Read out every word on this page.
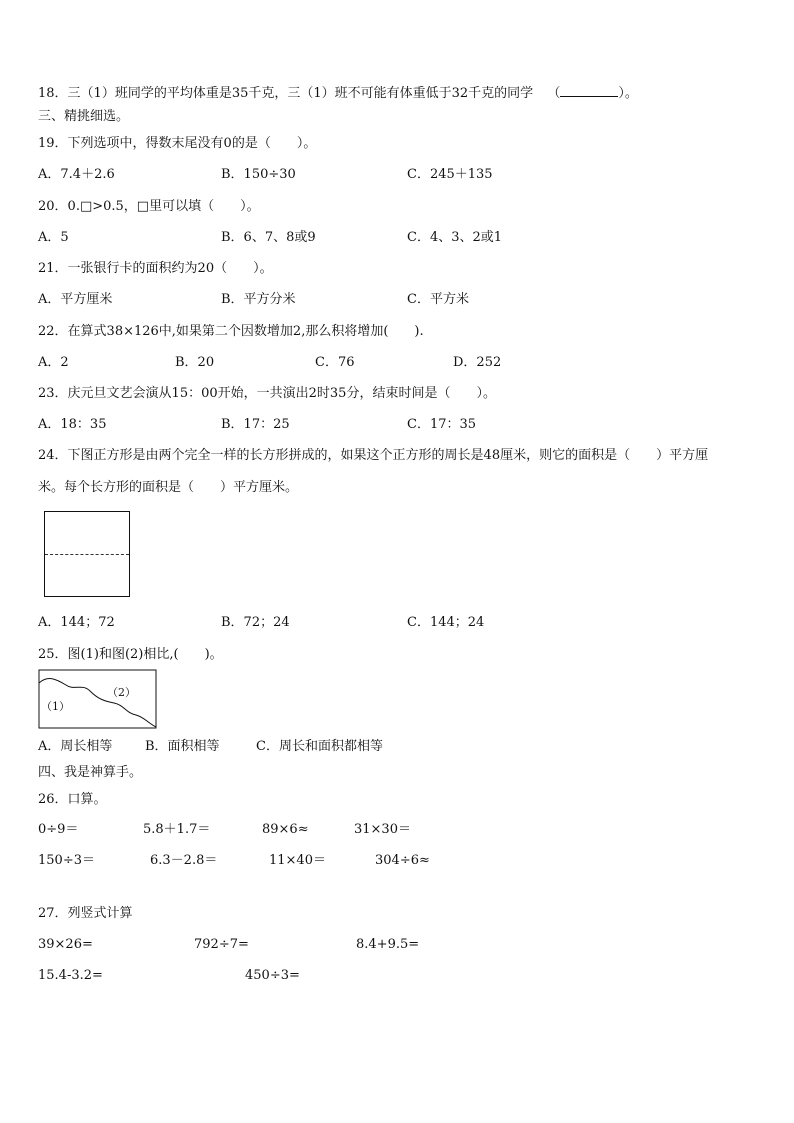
18．三（1）班同学的平均体重是35千克，三（1）班不可能有体重低于32千克的同学 （	）。
三、精挑细选。
19．下列选项中，得数末尾没有0的是（　　）。
A．7.4＋2.6	B．150÷30	C．245＋135
20．0.□>0.5，□里可以填（　　）。
A．5	B．6、7、8或9	C．4、3、2或1
21．一张银行卡的面积约为20（　　）。
A．平方厘米	B．平方分米	C．平方米
22．在算式38×126中,如果第二个因数增加2,那么积将增加(　　).
A．2	B．20	C．76	D．252
23．庆元旦文艺会演从15：00开始，一共演出2时35分，结束时间是（　　）。
A．18：35	B．17：25	C．17：35
24．下图正方形是由两个完全一样的长方形拼成的，如果这个正方形的周长是48厘米，则它的面积是（　　）平方厘
米。每个长方形的面积是（　　）平方厘米。
A．144；72	B．72；24	C．144；24
25．图(1)和图(2)相比,(　　)。
（1）
（2）
A．周长相等	B．面积相等	C．周长和面积都相等
四、我是神算手。
26．口算。
0÷9＝	5.8＋1.7＝	89×6≈	31×30＝
150÷3＝	6.3－2.8＝	11×40＝	304÷6≈
27．列竖式计算
39×26=	792÷7=	8.4+9.5=
15.4-3.2=	450÷3=
